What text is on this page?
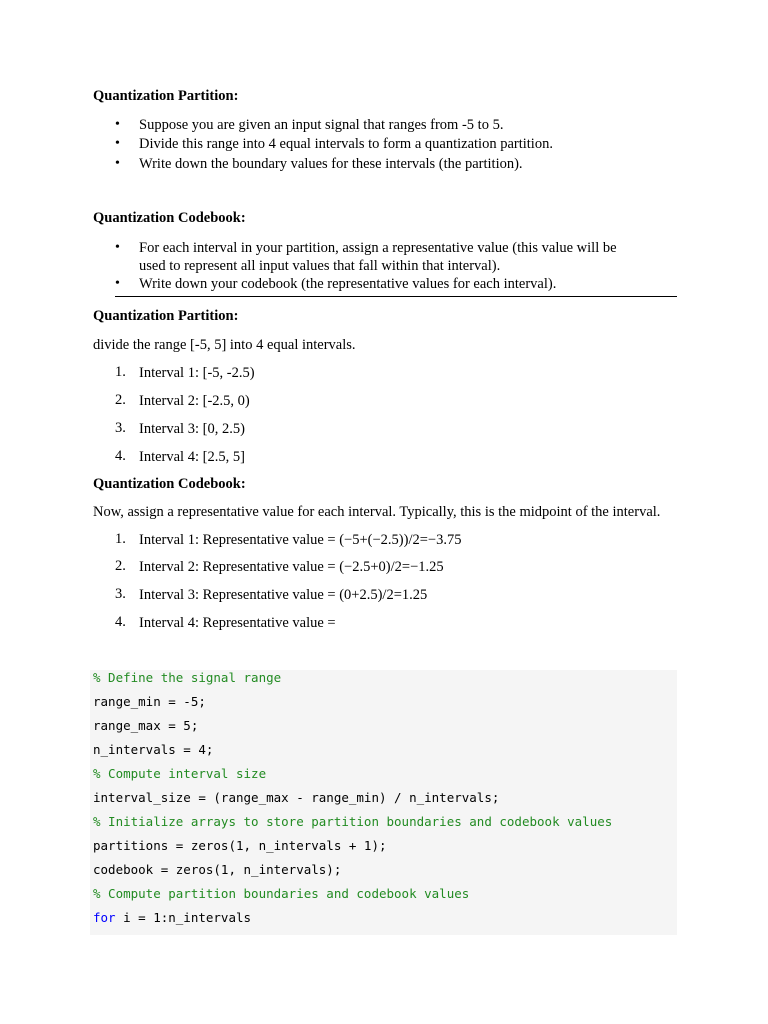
Quantization Partition:
• Suppose you are given an input signal that ranges from -5 to 5.
• Divide this range into 4 equal intervals to form a quantization partition.
• Write down the boundary values for these intervals (the partition).
Quantization Codebook:
• For each interval in your partition, assign a representative value (this value will be
used to represent all input values that fall within that interval).
• Write down your codebook (the representative values for each interval).
Quantization Partition:
divide the range [-5, 5] into 4 equal intervals.
1. Interval 1: [-5, -2.5)
2. Interval 2: [-2.5, 0)
3. Interval 3: [0, 2.5)
4. Interval 4: [2.5, 5]
Quantization Codebook:
Now, assign a representative value for each interval. Typically, this is the midpoint of the interval.
1. Interval 1: Representative value = (−5+(−2.5))/2=−3.75
2. Interval 2: Representative value = (−2.5+0)/2=−1.25
3. Interval 3: Representative value = (0+2.5)/2=1.25
4. Interval 4: Representative value =
% Define the signal range
range_min = -5;
range_max = 5;
n_intervals = 4;
% Compute interval size
interval_size = (range_max - range_min) / n_intervals;
% Initialize arrays to store partition boundaries and codebook values
partitions = zeros(1, n_intervals + 1);
codebook = zeros(1, n_intervals);
% Compute partition boundaries and codebook values
for i = 1:n_intervals
